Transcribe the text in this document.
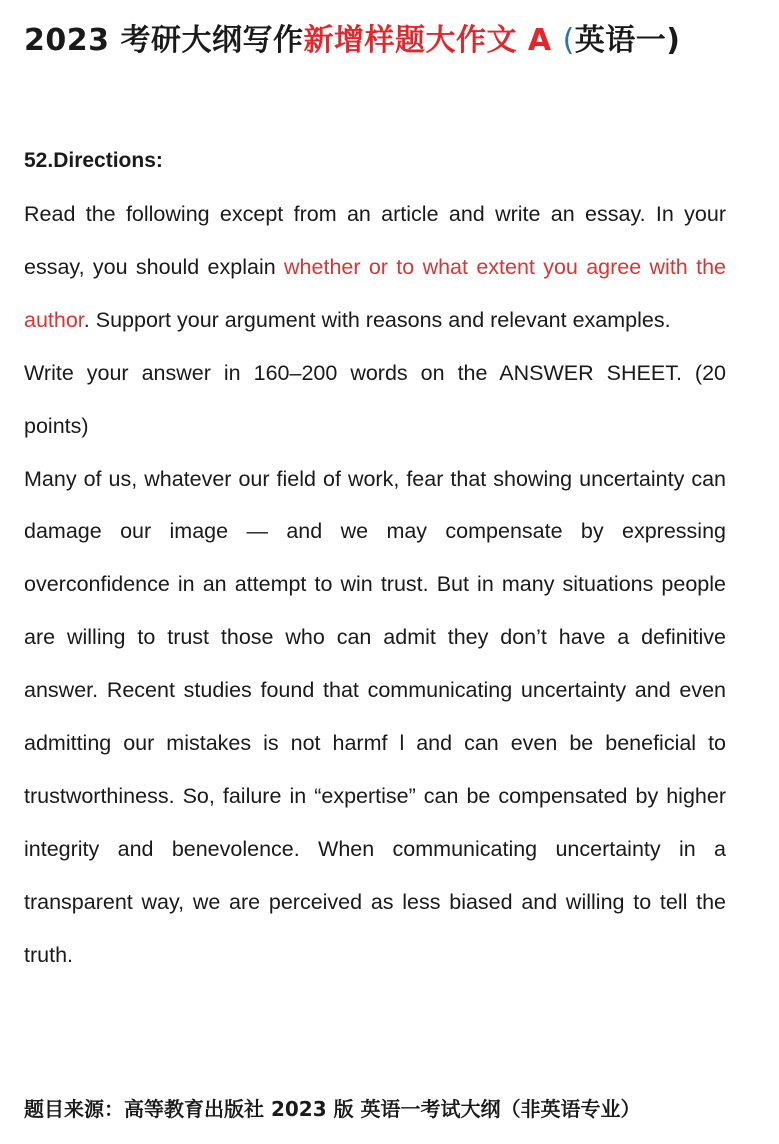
2023 考研大纲写作新增样题大作文 A (英语一)
52.Directions:

Read the following except from an article and write an essay. In your essay, you should explain whether or to what extent you agree with the author. Support your argument with reasons and relevant examples.

Write your answer in 160–200 words on the ANSWER SHEET. (20 points)

Many of us, whatever our field of work, fear that showing uncertainty can damage our image — and we may compensate by expressing overconfidence in an attempt to win trust. But in many situations people are willing to trust those who can admit they don’t have a definitive answer. Recent studies found that communicating uncertainty and even admitting our mistakes is not harmf l and can even be beneficial to trustworthiness. So, failure in “expertise” can be compensated by higher integrity and benevolence. When communicating uncertainty in a transparent way, we are perceived as less biased and willing to tell the truth.

题目来源：高等教育出版社 2023 版 英语一考试大纲（非英语专业）
